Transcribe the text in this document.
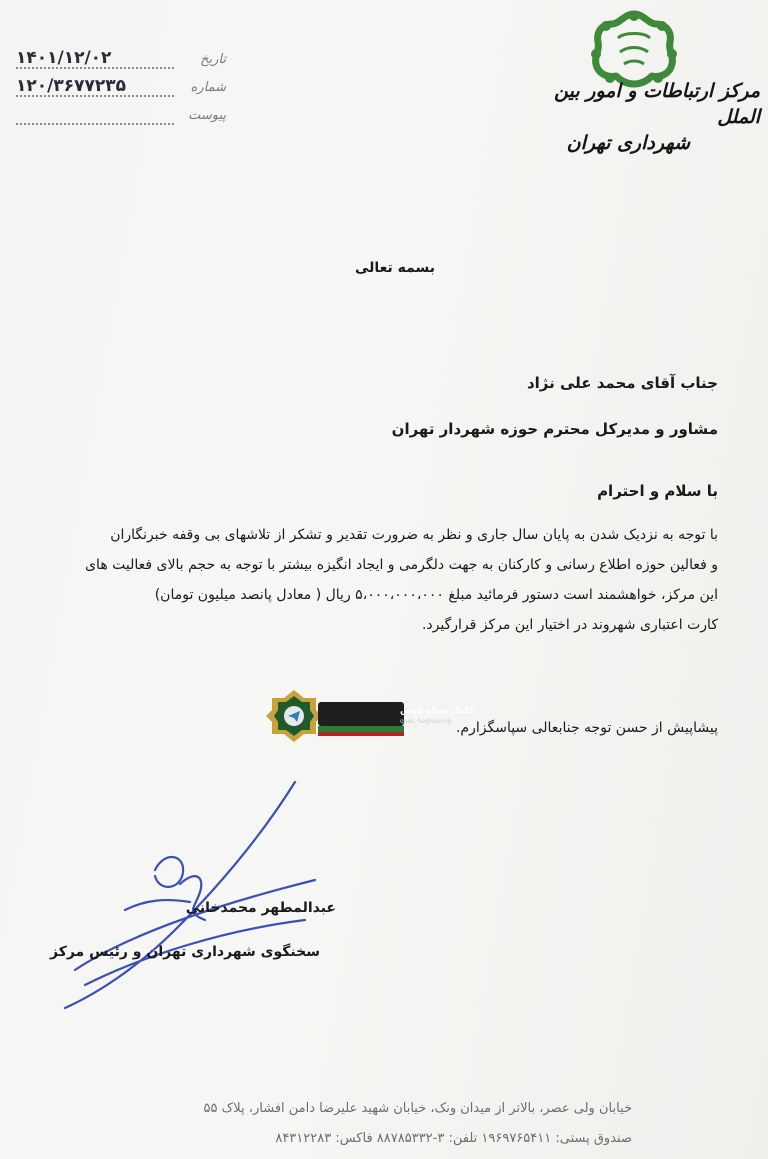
مرکز ارتباطات و امور بین الملل
شهرداری تهران
تاریخ
۱۴۰۱/۱۲/۰۲
شماره
۱۲۰/۳۶۷۷۲۳۵
پیوست
بسمه تعالی
جناب آقای محمد علی نژاد
مشاور و مدیرکل محترم حوزه شهردار تهران
با سلام و احترام

با توجه به نزدیک شدن به پایان سال جاری و نظر به ضرورت تقدیر و تشکر از تلاشهای بی وقفه خبرنگاران

و فعالین حوزه اطلاع رسانی و کارکنان به جهت دلگرمی و ایجاد انگیزه بیشتر با توجه به حجم بالای فعالیت های

این مرکز، خواهشمند است دستور فرمائید مبلغ ۵،۰۰۰،۰۰۰،۰۰۰ ریال ( معادل پانصد میلیون تومان)

کارت اعتباری شهروند در اختیار این مرکز قرارگیرد.

کانال سپاه قدس
@quds_hagheem پیشاپیش از حسن توجه جنابعالی سپاسگزارم.
عبدالمطهر محمدخانی
سخنگوی شهرداری تهران و رئیس مرکز
خیابان ولی عصر، بالاتر از میدان ونک، خیابان شهید علیرضا دامن افشار، پلاک ۵۵
صندوق پستی: ۱۹۶۹۷۶۵۴۱۱ تلفن: ۳-۸۸۷۸۵۳۳۲ فاکس: ۸۴۳۱۲۲۸۳
